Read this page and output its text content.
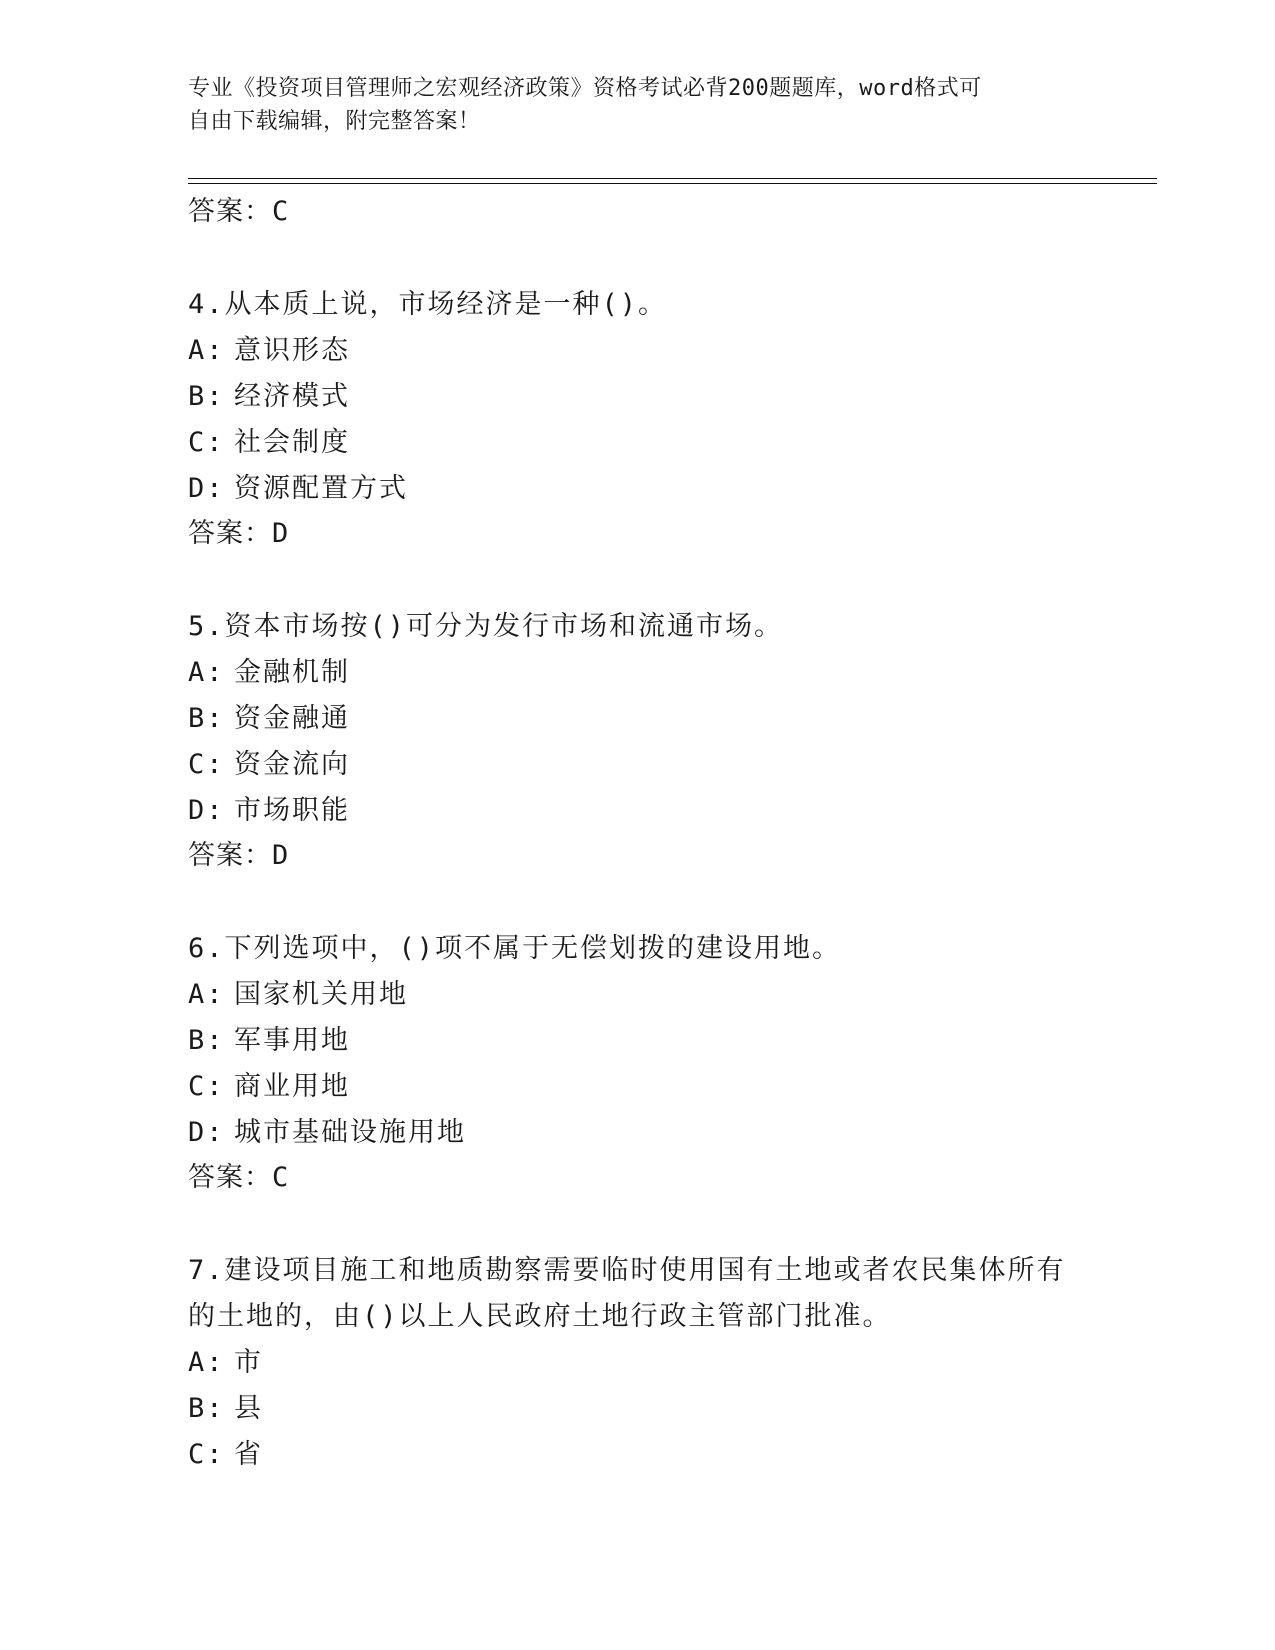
专业《投资项目管理师之宏观经济政策》资格考试必背200题题库，word格式可
自由下载编辑，附完整答案！
答案：C
4.从本质上说，市场经济是一种()。
A: 意识形态
B: 经济模式
C: 社会制度
D: 资源配置方式
答案：D
5.资本市场按()可分为发行市场和流通市场。
A: 金融机制
B: 资金融通
C: 资金流向
D: 市场职能
答案：D
6.下列选项中，()项不属于无偿划拨的建设用地。
A: 国家机关用地
B: 军事用地
C: 商业用地
D: 城市基础设施用地
答案：C
7.建设项目施工和地质勘察需要临时使用国有土地或者农民集体所有
的土地的，由()以上人民政府土地行政主管部门批准。
A: 市
B: 县
C: 省
